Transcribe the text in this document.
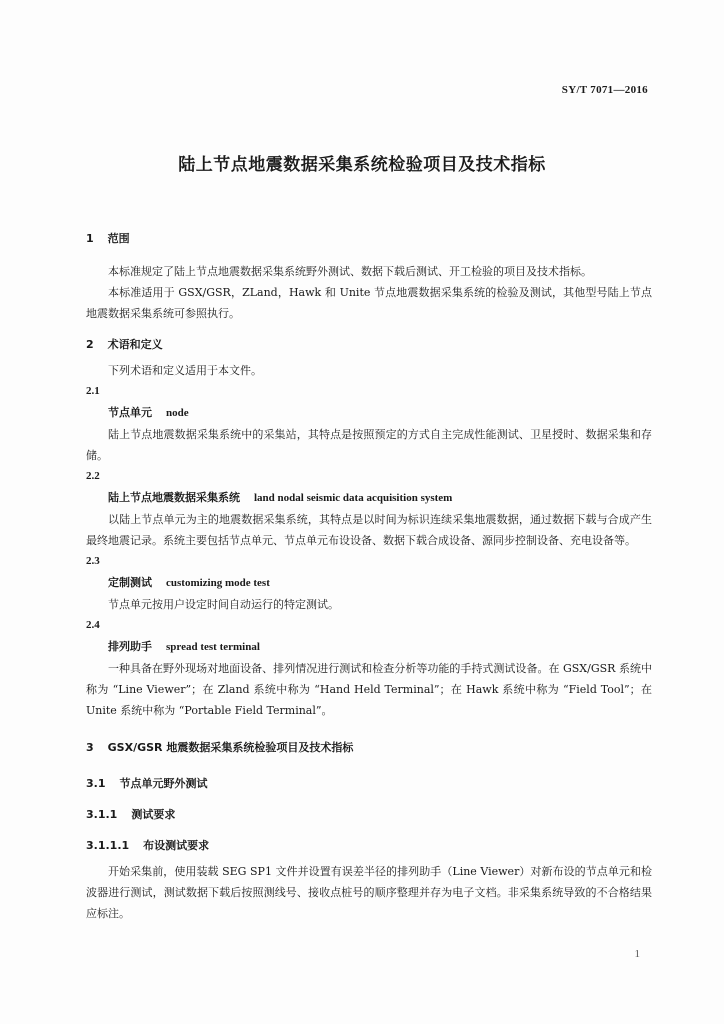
SY/T 7071—2016
陆上节点地震数据采集系统检验项目及技术指标

1 范围

本标准规定了陆上节点地震数据采集系统野外测试、数据下载后测试、开工检验的项目及技术指标。

本标准适用于 GSX/GSR，ZLand，Hawk 和 Unite 节点地震数据采集系统的检验及测试，其他型号陆上节点地震数据采集系统可参照执行。

2 术语和定义

下列术语和定义适用于本文件。

2.1

节点单元 node

陆上节点地震数据采集系统中的采集站，其特点是按照预定的方式自主完成性能测试、卫星授时、数据采集和存储。

2.2

陆上节点地震数据采集系统 land nodal seismic data acquisition system

以陆上节点单元为主的地震数据采集系统，其特点是以时间为标识连续采集地震数据，通过数据下载与合成产生最终地震记录。系统主要包括节点单元、节点单元布设设备、数据下载合成设备、源同步控制设备、充电设备等。

2.3

定制测试 customizing mode test

节点单元按用户设定时间自动运行的特定测试。

2.4

排列助手 spread test terminal

一种具备在野外现场对地面设备、排列情况进行测试和检查分析等功能的手持式测试设备。在 GSX/GSR 系统中称为 “Line Viewer”；在 Zland 系统中称为 “Hand Held Terminal”；在 Hawk 系统中称为 “Field Tool”；在 Unite 系统中称为 “Portable Field Terminal”。

3 GSX/GSR 地震数据采集系统检验项目及技术指标

3.1 节点单元野外测试

3.1.1 测试要求

3.1.1.1 布设测试要求

开始采集前，使用装载 SEG SP1 文件并设置有误差半径的排列助手（Line Viewer）对新布设的节点单元和检波器进行测试，测试数据下载后按照测线号、接收点桩号的顺序整理并存为电子文档。非采集系统导致的不合格结果应标注。

1
